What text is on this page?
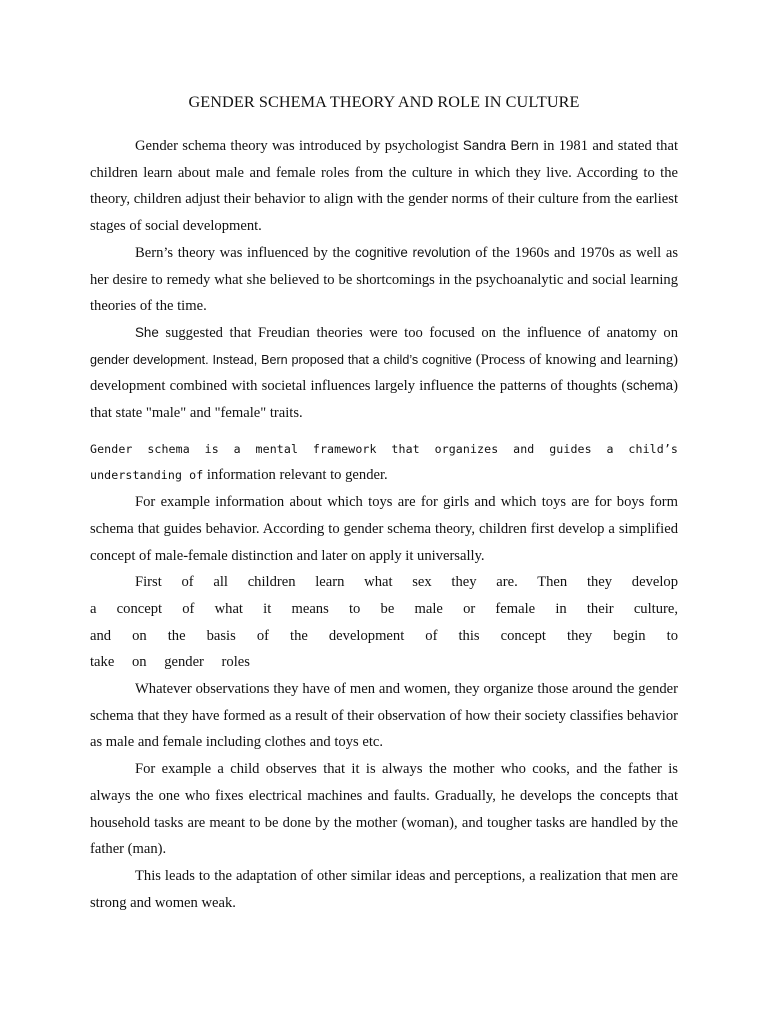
GENDER SCHEMA THEORY AND ROLE IN CULTURE

Gender schema theory was introduced by psychologist Sandra Bern in 1981 and stated that children learn about male and female roles from the culture in which they live. According to the theory, children adjust their behavior to align with the gender norms of their culture from the earliest stages of social development.

Bern’s theory was influenced by the cognitive revolution of the 1960s and 1970s as well as her desire to remedy what she believed to be shortcomings in the psychoanalytic and social learning theories of the time.

She suggested that Freudian theories were too focused on the influence of anatomy on gender development. Instead, Bern proposed that a child’s cognitive (Process of knowing and learning) development combined with societal influences largely influence the patterns of thoughts (schema) that state "male" and "female" traits.

Gender schema is a mental framework that organizes and guides a child’s understanding of information relevant to gender.

For example information about which toys are for girls and which toys are for boys form schema that guides behavior. According to gender schema theory, children first develop a simplified concept of male-female distinction and later on apply it universally.

First of all children learn what sex they are. Then they develop a concept of what it means to be male or female in their culture, and on the basis of the development of this concept they begin to take on gender roles

Whatever observations they have of men and women, they organize those around the gender schema that they have formed as a result of their observation of how their society classifies behavior as male and female including clothes and toys etc.

For example a child observes that it is always the mother who cooks, and the father is always the one who fixes electrical machines and faults. Gradually, he develops the concepts that household tasks are meant to be done by the mother (woman), and tougher tasks are handled by the father (man).

This leads to the adaptation of other similar ideas and perceptions, a realization that men are strong and women weak.
